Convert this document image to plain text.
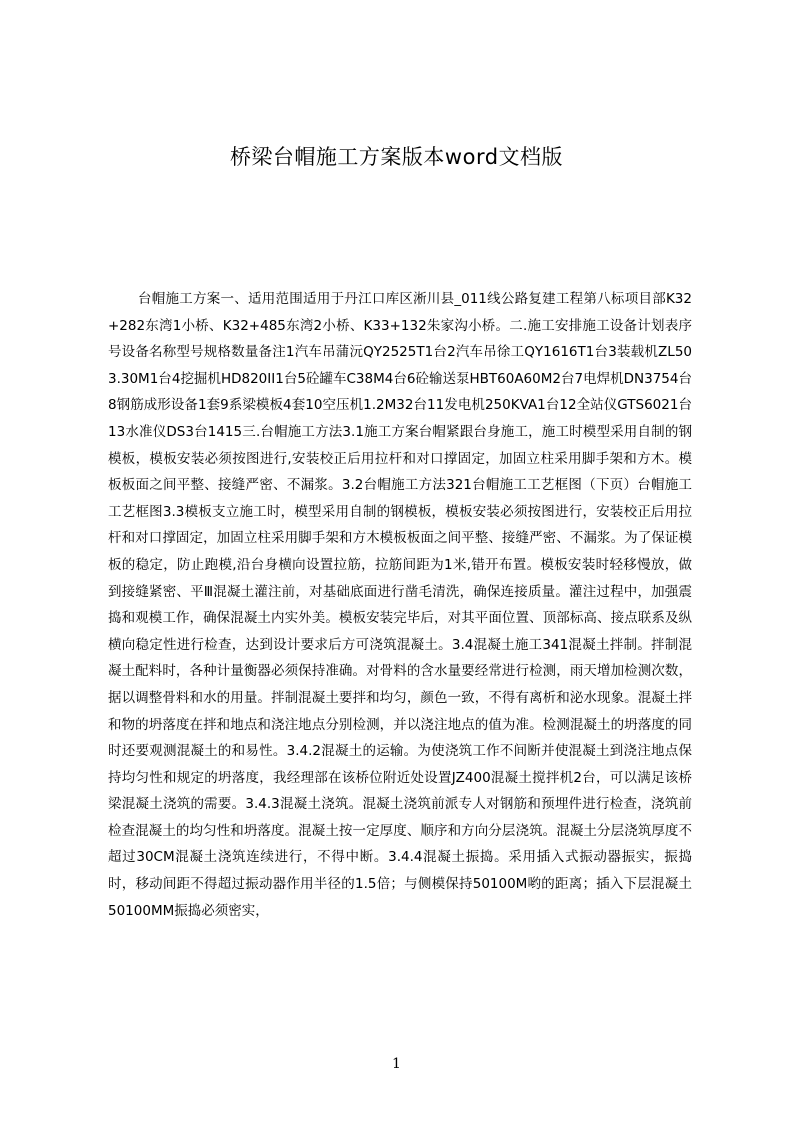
桥梁台帽施工方案版本word文档版

台帽施工方案一、适用范围适用于丹江口库区淅川县_011线公路复建工程第八标项目部K32+282东湾1小桥、K32+485东湾2小桥、K33+132朱家沟小桥。二.施工安排施工设备计划表序号设备名称型号规格数量备注1汽车吊蒲沅QY2525T1台2汽车吊徐工QY1616T1台3装载机ZL503.30M1台4挖掘机HD820II1台5砼罐车C38M4台6砼输送泵HBT60A60M2台7电焊机DN3754台8钢筋成形设备1套9系梁模板4套10空压机1.2M32台11发电机250KVA1台12全站仪GTS6021台13水准仪DS3台1415三.台帽施工方法3.1施工方案台帽紧跟台身施工，施工时模型采用自制的钢模板，模板安装必须按图进行,安装校正后用拉杆和对口撑固定，加固立柱采用脚手架和方木。模板板面之间平整、接缝严密、不漏浆。3.2台帽施工方法321台帽施工工艺框图（下页）台帽施工工艺框图3.3模板支立施工时，模型采用自制的钢模板，模板安装必须按图进行，安装校正后用拉杆和对口撑固定，加固立柱采用脚手架和方木模板板面之间平整、接缝严密、不漏浆。为了保证模板的稳定，防止跑模,沿台身横向设置拉筋，拉筋间距为1米,错开布置。模板安装时轻移慢放，做到接缝紧密、平Ⅲ混凝土灌注前，对基础底面进行凿毛清洗，确保连接质量。灌注过程中，加强震捣和观模工作，确保混凝土内实外美。模板安装完毕后，对其平面位置、顶部标高、接点联系及纵横向稳定性进行检查，达到设计要求后方可浇筑混凝土。3.4混凝土施工341混凝土拌制。拌制混凝土配料时，各种计量衡器必须保持准确。对骨料的含水量要经常进行检测，雨天增加检测次数，据以调整骨料和水的用量。拌制混凝土要拌和均匀，颜色一致，不得有离析和泌水现象。混凝土拌和物的坍落度在拌和地点和浇注地点分别检测，并以浇注地点的值为准。检测混凝土的坍落度的同时还要观测混凝土的和易性。3.4.2混凝土的运输。为使浇筑工作不间断并使混凝土到浇注地点保持均匀性和规定的坍落度，我经理部在该桥位附近处设置JZ400混凝土搅拌机2台，可以满足该桥梁混凝土浇筑的需要。3.4.3混凝土浇筑。混凝土浇筑前派专人对钢筋和预埋件进行检查，浇筑前检查混凝土的均匀性和坍落度。混凝土按一定厚度、顺序和方向分层浇筑。混凝土分层浇筑厚度不超过30CM混凝土浇筑连续进行，不得中断。3.4.4混凝土振捣。采用插入式振动器振实，振捣时，移动间距不得超过振动器作用半径的1.5倍；与侧模保持50100M哟的距离；插入下层混凝土50100MM振捣必须密实，

1
